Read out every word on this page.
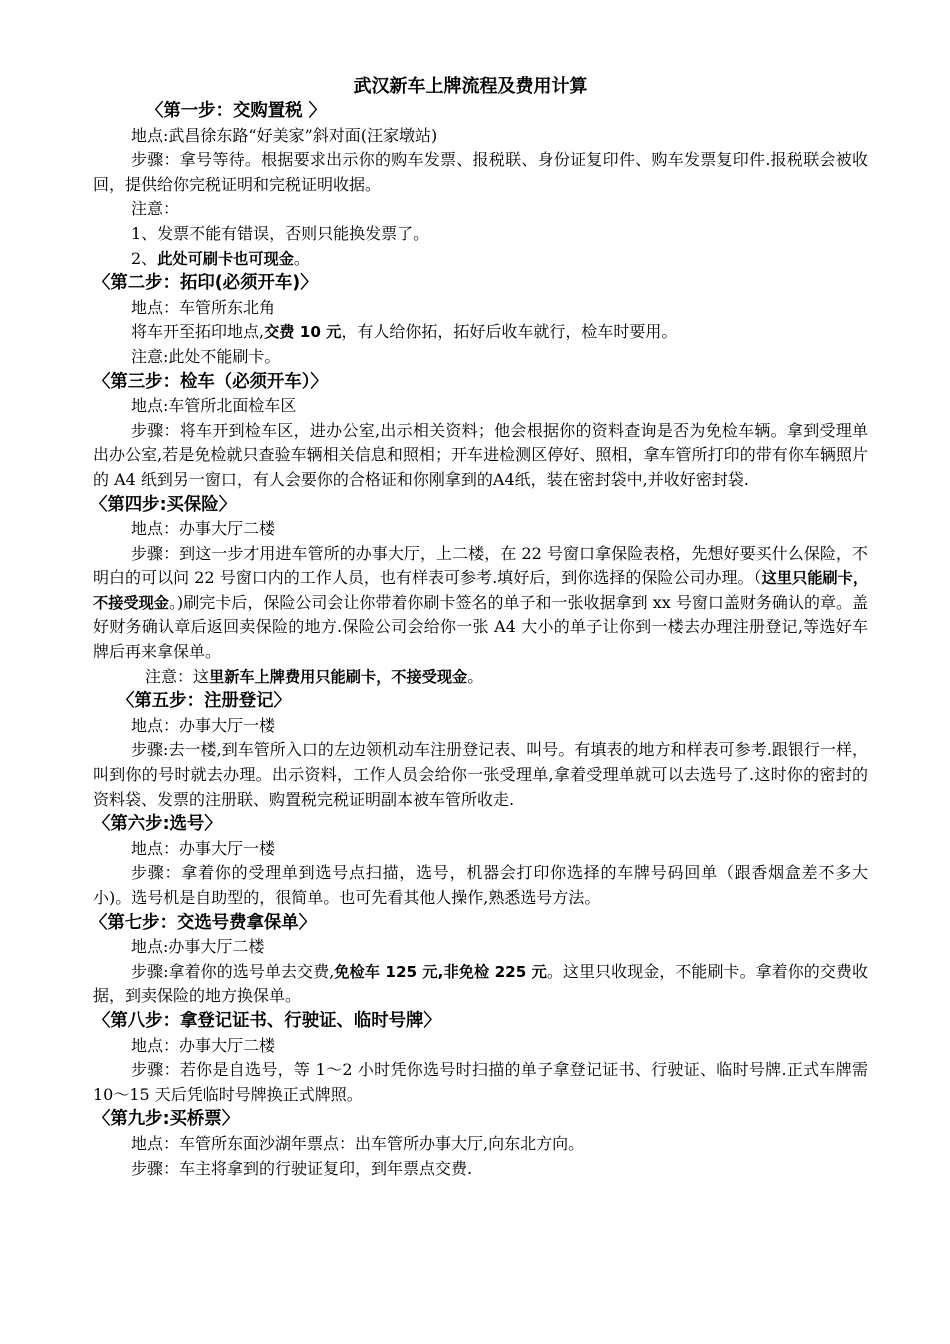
武汉新车上牌流程及费用计算
〈第一步：交购置税 〉
地点:武昌徐东路“好美家”斜对面(汪家墩站)
步骤：拿号等待。根据要求出示你的购车发票、报税联、身份证复印件、购车发票复印件.报税联会被收回，提供给你完税证明和完税证明收据。
注意：
1、发票不能有错误，否则只能换发票了。
2、此处可刷卡也可现金。
〈第二步：拓印(必须开车)〉
地点：车管所东北角
将车开至拓印地点,交费 10 元，有人给你拓，拓好后收车就行，检车时要用。
注意:此处不能刷卡。
〈第三步：检车（必须开车）〉
地点:车管所北面检车区
步骤：将车开到检车区，进办公室,出示相关资料；他会根据你的资料查询是否为免检车辆。拿到受理单出办公室,若是免检就只查验车辆相关信息和照相；开车进检测区停好、照相，拿车管所打印的带有你车辆照片的 A4 纸到另一窗口，有人会要你的合格证和你刚拿到的A4纸，装在密封袋中,并收好密封袋.
〈第四步:买保险〉
地点：办事大厅二楼
步骤：到这一步才用进车管所的办事大厅，上二楼，在 22 号窗口拿保险表格，先想好要买什么保险，不明白的可以问 22 号窗口内的工作人员，也有样表可参考.填好后，到你选择的保险公司办理。（这里只能刷卡，不接受现金。)刷完卡后，保险公司会让你带着你刷卡签名的单子和一张收据拿到 xx 号窗口盖财务确认的章。盖好财务确认章后返回卖保险的地方.保险公司会给你一张 A4 大小的单子让你到一楼去办理注册登记,等选好车牌后再来拿保单。
注意：这里新车上牌费用只能刷卡，不接受现金。
〈第五步：注册登记〉
地点：办事大厅一楼
步骤:去一楼,到车管所入口的左边领机动车注册登记表、叫号。有填表的地方和样表可参考.跟银行一样，叫到你的号时就去办理。出示资料，工作人员会给你一张受理单,拿着受理单就可以去选号了.这时你的密封的资料袋、发票的注册联、购置税完税证明副本被车管所收走.
〈第六步:选号〉
地点：办事大厅一楼
步骤：拿着你的受理单到选号点扫描，选号，机器会打印你选择的车牌号码回单（跟香烟盒差不多大小)。选号机是自助型的，很简单。也可先看其他人操作,熟悉选号方法。
〈第七步：交选号费拿保单〉
地点:办事大厅二楼
步骤:拿着你的选号单去交费,免检车 125 元,非免检 225 元。这里只收现金，不能刷卡。拿着你的交费收据，到卖保险的地方换保单。
〈第八步：拿登记证书、行驶证、临时号牌〉
地点：办事大厅二楼
步骤：若你是自选号，等 1～2 小时凭你选号时扫描的单子拿登记证书、行驶证、临时号牌.正式车牌需 10～15 天后凭临时号牌换正式牌照。
〈第九步:买桥票〉
地点：车管所东面沙湖年票点：出车管所办事大厅,向东北方向。
步骤：车主将拿到的行驶证复印，到年票点交费.
